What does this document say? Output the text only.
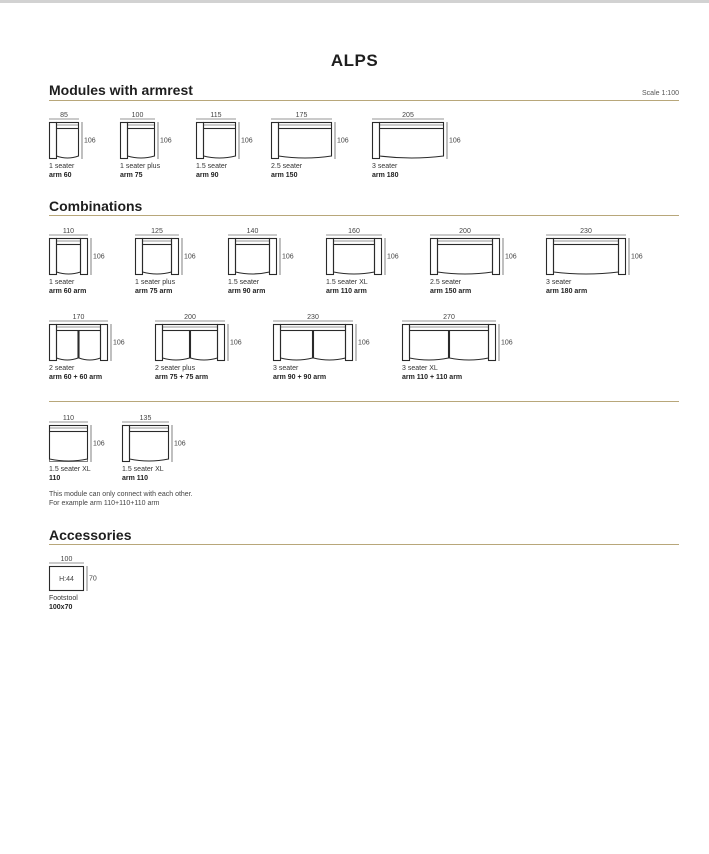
ALPS
Modules with armrest	Scale 1:100
85
106
1 seater
arm 60
100
106
1 seater plus
arm 75
115
106
1.5 seater
arm 90
175
106
2.5 seater
arm 150
205
106
3 seater
arm 180
Combinations
110
106
1 seater
arm 60 arm
125
106
1 seater plus
arm 75 arm
140
106
1.5 seater
arm 90 arm
160
106
1.5 seater XL
arm 110 arm
200
106
2.5 seater
arm 150 arm
230
106
3 seater
arm 180 arm
170
106
2 seater
arm 60 + 60 arm
200
106
2 seater plus
arm 75 + 75 arm
230
106
3 seater
arm 90 + 90 arm
270
106
3 seater XL
arm 110 + 110 arm
110
106
1.5 seater XL
110
135
106
1.5 seater XL
arm 110
This module can only connect with each other.
For example arm 110+110+110 arm
Accessories
100
70
H:44
Footstool
100x70
